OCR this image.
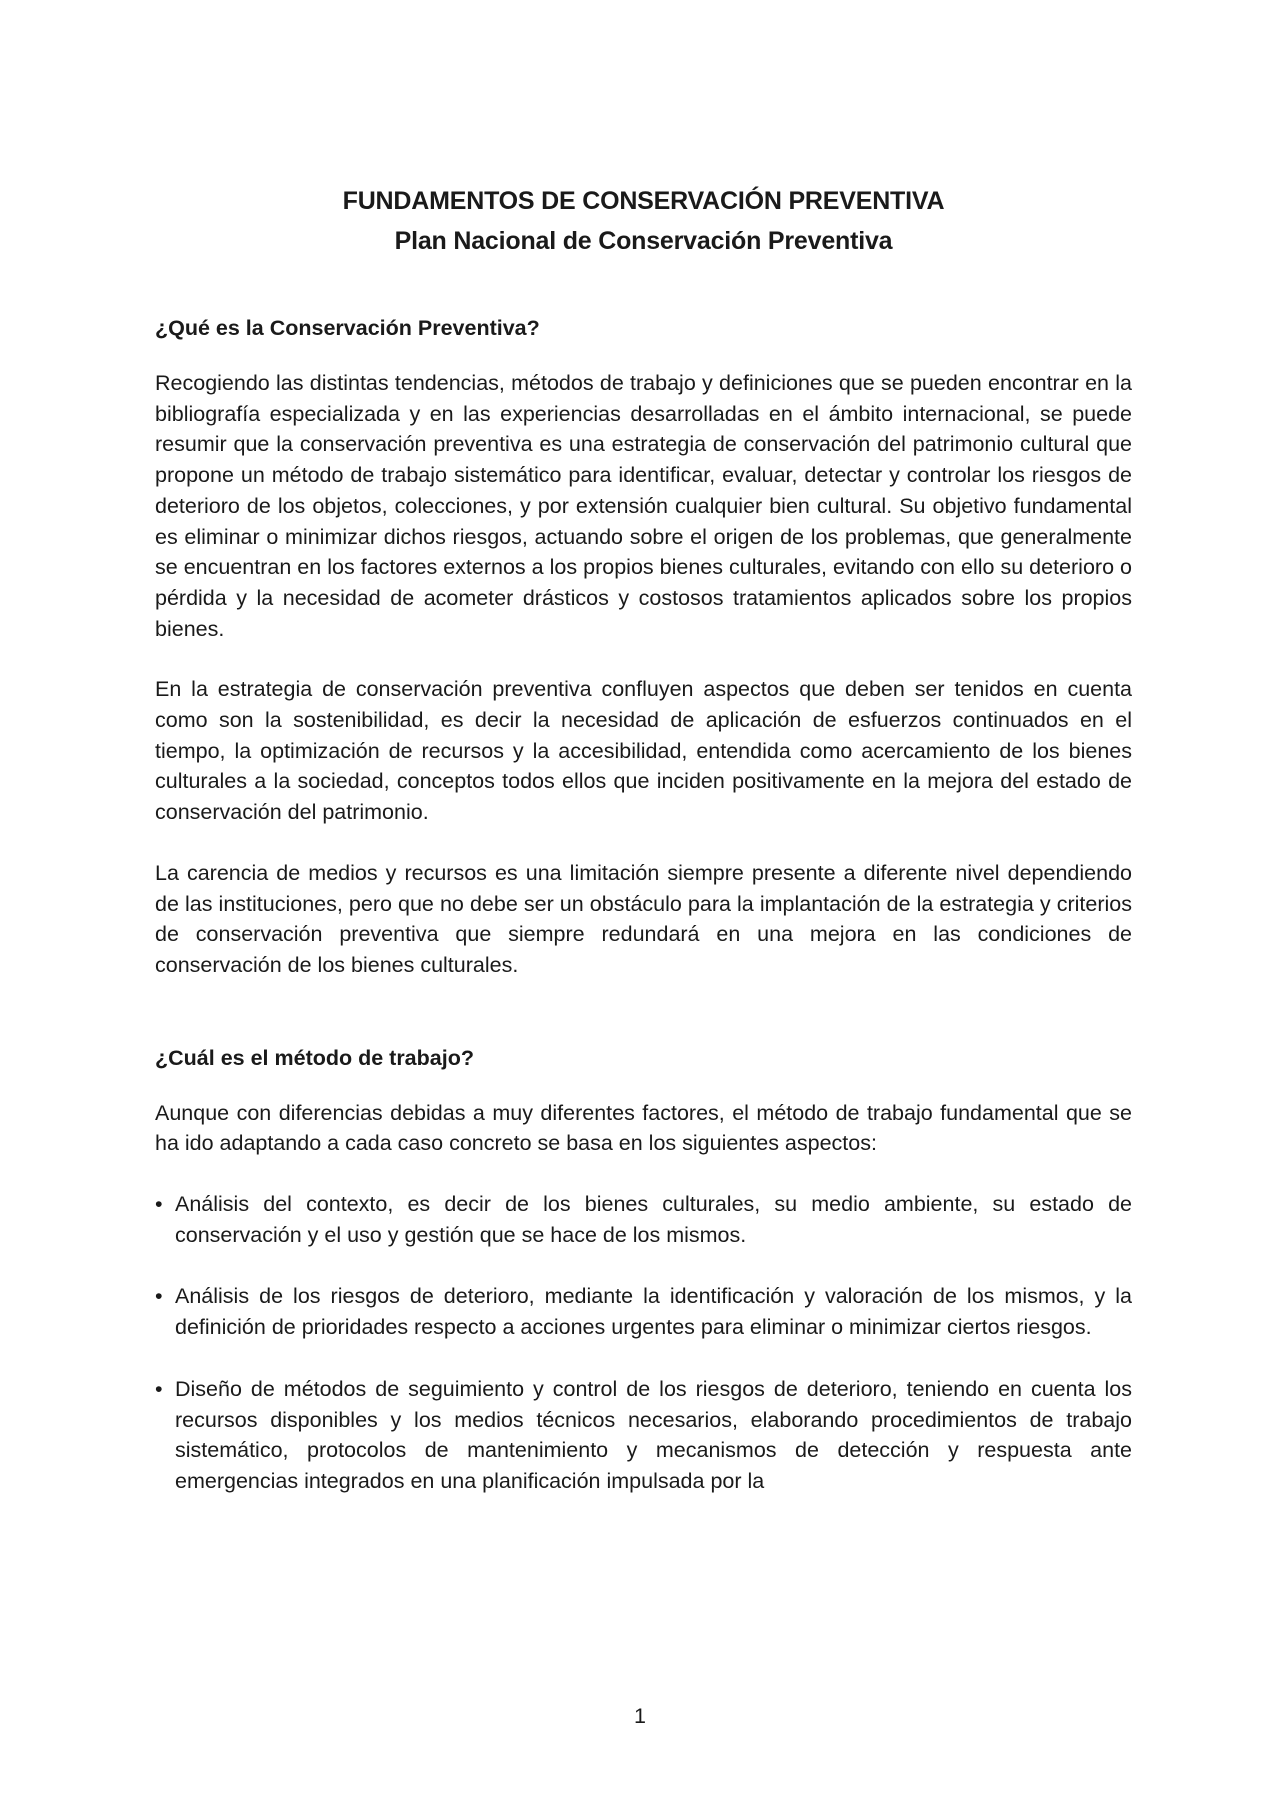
FUNDAMENTOS DE CONSERVACIÓN PREVENTIVA
Plan Nacional de Conservación Preventiva
¿Qué es la Conservación Preventiva?

Recogiendo las distintas tendencias, métodos de trabajo y definiciones que se pueden encontrar en la bibliografía especializada y en las experiencias desarrolladas en el ámbito internacional, se puede resumir que la conservación preventiva es una estrategia de conservación del patrimonio cultural que propone un método de trabajo sistemático para identificar, evaluar, detectar y controlar los riesgos de deterioro de los objetos, colecciones, y por extensión cualquier bien cultural. Su objetivo fundamental es eliminar o minimizar dichos riesgos, actuando sobre el origen de los problemas, que generalmente se encuentran en los factores externos a los propios bienes culturales, evitando con ello su deterioro o pérdida y la necesidad de acometer drásticos y costosos tratamientos aplicados sobre los propios bienes.

En la estrategia de conservación preventiva confluyen aspectos que deben ser tenidos en cuenta como son la sostenibilidad, es decir la necesidad de aplicación de esfuerzos continuados en el tiempo, la optimización de recursos y la accesibilidad, entendida como acercamiento de los bienes culturales a la sociedad, conceptos todos ellos que inciden positivamente en la mejora del estado de conservación del patrimonio.

La carencia de medios y recursos es una limitación siempre presente a diferente nivel dependiendo de las instituciones, pero que no debe ser un obstáculo para la implantación de la estrategia y criterios de conservación preventiva que siempre redundará en una mejora en las condiciones de conservación de los bienes culturales.

¿Cuál es el método de trabajo?

Aunque con diferencias debidas a muy diferentes factores, el método de trabajo fundamental que se ha ido adaptando a cada caso concreto se basa en los siguientes aspectos:

• Análisis del contexto, es decir de los bienes culturales, su medio ambiente, su estado de conservación y el uso y gestión que se hace de los mismos.
• Análisis de los riesgos de deterioro, mediante la identificación y valoración de los mismos, y la definición de prioridades respecto a acciones urgentes para eliminar o minimizar ciertos riesgos.
• Diseño de métodos de seguimiento y control de los riesgos de deterioro, teniendo en cuenta los recursos disponibles y los medios técnicos necesarios, elaborando procedimientos de trabajo sistemático, protocolos de mantenimiento y mecanismos de detección y respuesta ante emergencias integrados en una planificación impulsada por la
1
